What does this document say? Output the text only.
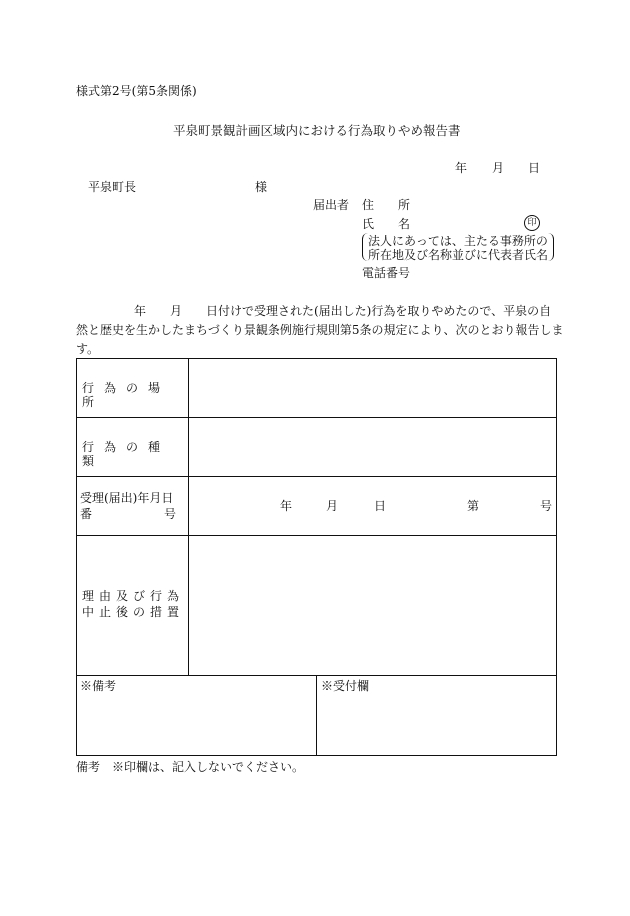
様式第2号(第5条関係)
平泉町景観計画区域内における行為取りやめ報告書
年 月 日
平泉町長	様
届出者 住　　所
氏　　名	印
法人にあっては、主たる事務所の
所在地及び名称並びに代表者氏名
電話番号
年　　月　　日付けで受理された(届出した)行為を取りやめたので、平泉の自
然と歴史を生かしたまちづくり景観条例施行規則第5条の規定により、次のとおり報告しま
す。
行為の場所
行為の種類
受理(届出)年月日
番　　　　　　号
年	月	日	第	号
理由及び行為
中止後の措置
※備考	※受付欄
備考　※印欄は、記入しないでください。
